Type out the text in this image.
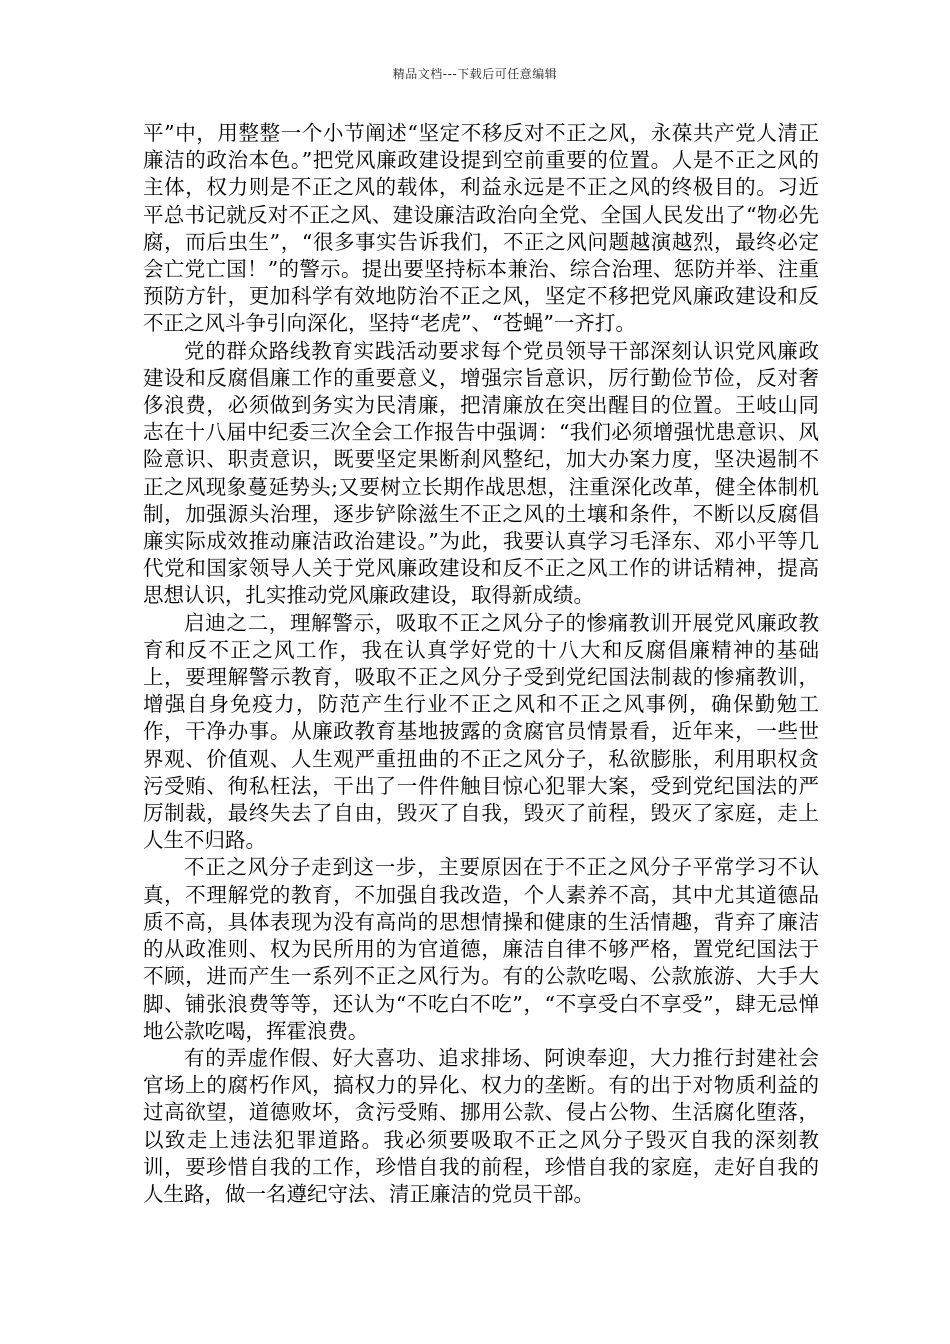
精品文档---下载后可任意编辑

平”中，用整整一个小节阐述“坚定不移反对不正之风，永葆共产党人清正廉洁的政治本色。”把党风廉政建设提到空前重要的位置。人是不正之风的主体，权力则是不正之风的载体，利益永远是不正之风的终极目的。习近平总书记就反对不正之风、建设廉洁政治向全党、全国人民发出了“物必先腐，而后虫生”，“很多事实告诉我们，不正之风问题越演越烈，最终必定会亡党亡国！”的警示。提出要坚持标本兼治、综合治理、惩防并举、注重预防方针，更加科学有效地防治不正之风，坚定不移把党风廉政建设和反不正之风斗争引向深化，坚持“老虎”、“苍蝇”一齐打。

党的群众路线教育实践活动要求每个党员领导干部深刻认识党风廉政建设和反腐倡廉工作的重要意义，增强宗旨意识，厉行勤俭节俭，反对奢侈浪费，必须做到务实为民清廉，把清廉放在突出醒目的位置。王岐山同志在十八届中纪委三次全会工作报告中强调：“我们必须增强忧患意识、风险意识、职责意识，既要坚定果断刹风整纪，加大办案力度，坚决遏制不正之风现象蔓延势头;又要树立长期作战思想，注重深化改革，健全体制机制，加强源头治理，逐步铲除滋生不正之风的土壤和条件，不断以反腐倡廉实际成效推动廉洁政治建设。”为此，我要认真学习毛泽东、邓小平等几代党和国家领导人关于党风廉政建设和反不正之风工作的讲话精神，提高思想认识，扎实推动党风廉政建设，取得新成绩。

启迪之二，理解警示，吸取不正之风分子的惨痛教训开展党风廉政教育和反不正之风工作，我在认真学好党的十八大和反腐倡廉精神的基础上，要理解警示教育，吸取不正之风分子受到党纪国法制裁的惨痛教训，增强自身免疫力，防范产生行业不正之风和不正之风事例，确保勤勉工作，干净办事。从廉政教育基地披露的贪腐官员情景看，近年来，一些世界观、价值观、人生观严重扭曲的不正之风分子，私欲膨胀，利用职权贪污受贿、徇私枉法，干出了一件件触目惊心犯罪大案，受到党纪国法的严厉制裁，最终失去了自由，毁灭了自我，毁灭了前程，毁灭了家庭，走上人生不归路。

不正之风分子走到这一步，主要原因在于不正之风分子平常学习不认真，不理解党的教育，不加强自我改造，个人素养不高，其中尤其道德品质不高，具体表现为没有高尚的思想情操和健康的生活情趣，背弃了廉洁的从政准则、权为民所用的为官道德，廉洁自律不够严格，置党纪国法于不顾，进而产生一系列不正之风行为。有的公款吃喝、公款旅游、大手大脚、铺张浪费等等，还认为“不吃白不吃”，“不享受白不享受”，肆无忌惮地公款吃喝，挥霍浪费。

有的弄虚作假、好大喜功、追求排场、阿谀奉迎，大力推行封建社会官场上的腐朽作风，搞权力的异化、权力的垄断。有的出于对物质利益的过高欲望，道德败坏，贪污受贿、挪用公款、侵占公物、生活腐化堕落，以致走上违法犯罪道路。我必须要吸取不正之风分子毁灭自我的深刻教训，要珍惜自我的工作，珍惜自我的前程，珍惜自我的家庭，走好自我的人生路，做一名遵纪守法、清正廉洁的党员干部。
